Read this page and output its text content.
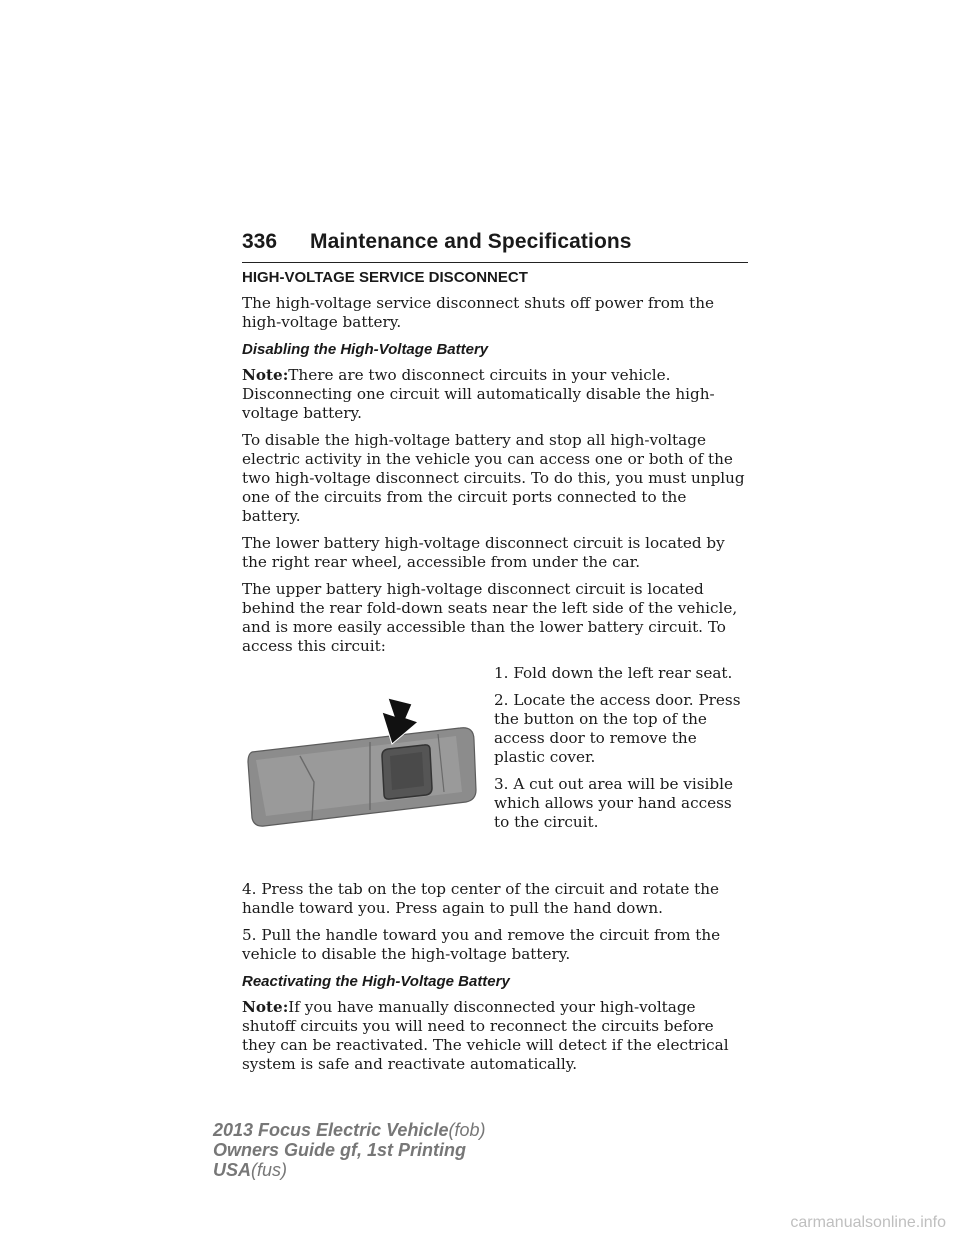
336 Maintenance and Specifications
HIGH-VOLTAGE SERVICE DISCONNECT

The high-voltage service disconnect shuts off power from the high-voltage battery.

Disabling the High-Voltage Battery

Note:There are two disconnect circuits in your vehicle. Disconnecting one circuit will automatically disable the high-voltage battery.

To disable the high-voltage battery and stop all high-voltage electric activity in the vehicle you can access one or both of the two high-voltage disconnect circuits. To do this, you must unplug one of the circuits from the circuit ports connected to the battery.

The lower battery high-voltage disconnect circuit is located by the right rear wheel, accessible from under the car.

The upper battery high-voltage disconnect circuit is located behind the rear fold-down seats near the left side of the vehicle, and is more easily accessible than the lower battery circuit. To access this circuit:

1. Fold down the left rear seat.

2. Locate the access door. Press the button on the top of the access door to remove the plastic cover.

3. A cut out area will be visible which allows your hand access to the circuit.

4. Press the tab on the top center of the circuit and rotate the handle toward you. Press again to pull the hand down.

5. Pull the handle toward you and remove the circuit from the vehicle to disable the high-voltage battery.

Reactivating the High-Voltage Battery

Note:If you have manually disconnected your high-voltage shutoff circuits you will need to reconnect the circuits before they can be reactivated. The vehicle will detect if the electrical system is safe and reactivate automatically.

2013 Focus Electric Vehicle(fob)
Owners Guide gf, 1st Printing
USA(fus)
carmanualsonline.info
